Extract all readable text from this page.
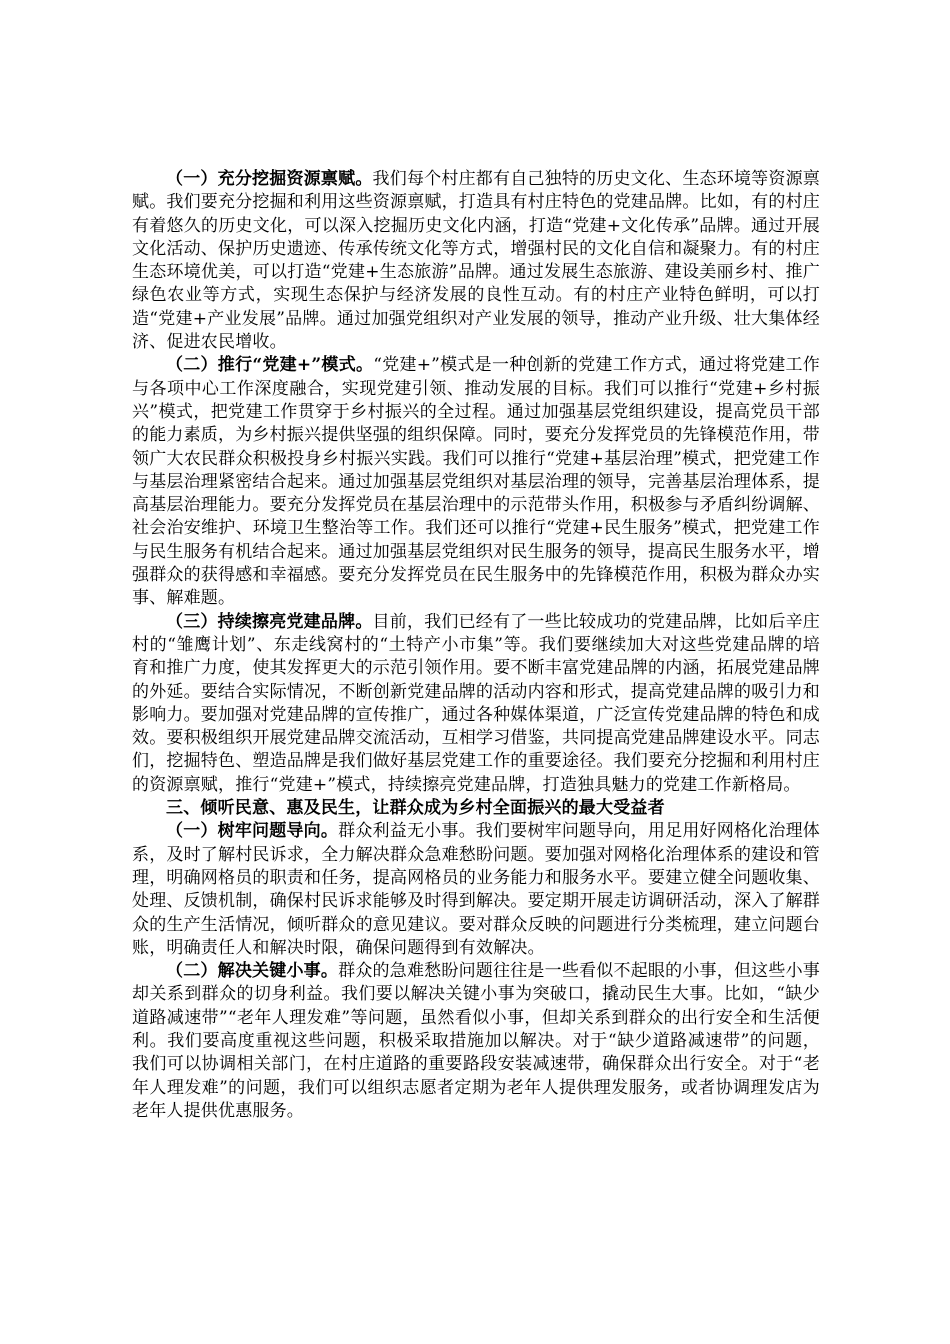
（一）充分挖掘资源禀赋。我们每个村庄都有自己独特的历史文化、生态环境等资源禀赋。我们要充分挖掘和利用这些资源禀赋，打造具有村庄特色的党建品牌。比如，有的村庄有着悠久的历史文化，可以深入挖掘历史文化内涵，打造“党建+文化传承”品牌。通过开展文化活动、保护历史遗迹、传承传统文化等方式，增强村民的文化自信和凝聚力。有的村庄生态环境优美，可以打造“党建+生态旅游”品牌。通过发展生态旅游、建设美丽乡村、推广绿色农业等方式，实现生态保护与经济发展的良性互动。有的村庄产业特色鲜明，可以打造“党建+产业发展”品牌。通过加强党组织对产业发展的领导，推动产业升级、壮大集体经济、促进农民增收。

（二）推行“党建+”模式。“党建+”模式是一种创新的党建工作方式，通过将党建工作与各项中心工作深度融合，实现党建引领、推动发展的目标。我们可以推行“党建+乡村振兴”模式，把党建工作贯穿于乡村振兴的全过程。通过加强基层党组织建设，提高党员干部的能力素质，为乡村振兴提供坚强的组织保障。同时，要充分发挥党员的先锋模范作用，带领广大农民群众积极投身乡村振兴实践。我们可以推行“党建+基层治理”模式，把党建工作与基层治理紧密结合起来。通过加强基层党组织对基层治理的领导，完善基层治理体系，提高基层治理能力。要充分发挥党员在基层治理中的示范带头作用，积极参与矛盾纠纷调解、社会治安维护、环境卫生整治等工作。我们还可以推行“党建+民生服务”模式，把党建工作与民生服务有机结合起来。通过加强基层党组织对民生服务的领导，提高民生服务水平，增强群众的获得感和幸福感。要充分发挥党员在民生服务中的先锋模范作用，积极为群众办实事、解难题。

（三）持续擦亮党建品牌。目前，我们已经有了一些比较成功的党建品牌，比如后辛庄村的“雏鹰计划”、东走线窝村的“土特产小市集”等。我们要继续加大对这些党建品牌的培育和推广力度，使其发挥更大的示范引领作用。要不断丰富党建品牌的内涵，拓展党建品牌的外延。要结合实际情况，不断创新党建品牌的活动内容和形式，提高党建品牌的吸引力和影响力。要加强对党建品牌的宣传推广，通过各种媒体渠道，广泛宣传党建品牌的特色和成效。要积极组织开展党建品牌交流活动，互相学习借鉴，共同提高党建品牌建设水平。同志们，挖掘特色、塑造品牌是我们做好基层党建工作的重要途径。我们要充分挖掘和利用村庄的资源禀赋，推行“党建+”模式，持续擦亮党建品牌，打造独具魅力的党建工作新格局。

三、倾听民意、惠及民生，让群众成为乡村全面振兴的最大受益者

（一）树牢问题导向。群众利益无小事。我们要树牢问题导向，用足用好网格化治理体系，及时了解村民诉求，全力解决群众急难愁盼问题。要加强对网格化治理体系的建设和管理，明确网格员的职责和任务，提高网格员的业务能力和服务水平。要建立健全问题收集、处理、反馈机制，确保村民诉求能够及时得到解决。要定期开展走访调研活动，深入了解群众的生产生活情况，倾听群众的意见建议。要对群众反映的问题进行分类梳理，建立问题台账，明确责任人和解决时限，确保问题得到有效解决。

（二）解决关键小事。群众的急难愁盼问题往往是一些看似不起眼的小事，但这些小事却关系到群众的切身利益。我们要以解决关键小事为突破口，撬动民生大事。比如，“缺少道路减速带”“老年人理发难”等问题，虽然看似小事，但却关系到群众的出行安全和生活便利。我们要高度重视这些问题，积极采取措施加以解决。对于“缺少道路减速带”的问题，我们可以协调相关部门，在村庄道路的重要路段安装减速带，确保群众出行安全。对于“老年人理发难”的问题，我们可以组织志愿者定期为老年人提供理发服务，或者协调理发店为老年人提供优惠服务。
